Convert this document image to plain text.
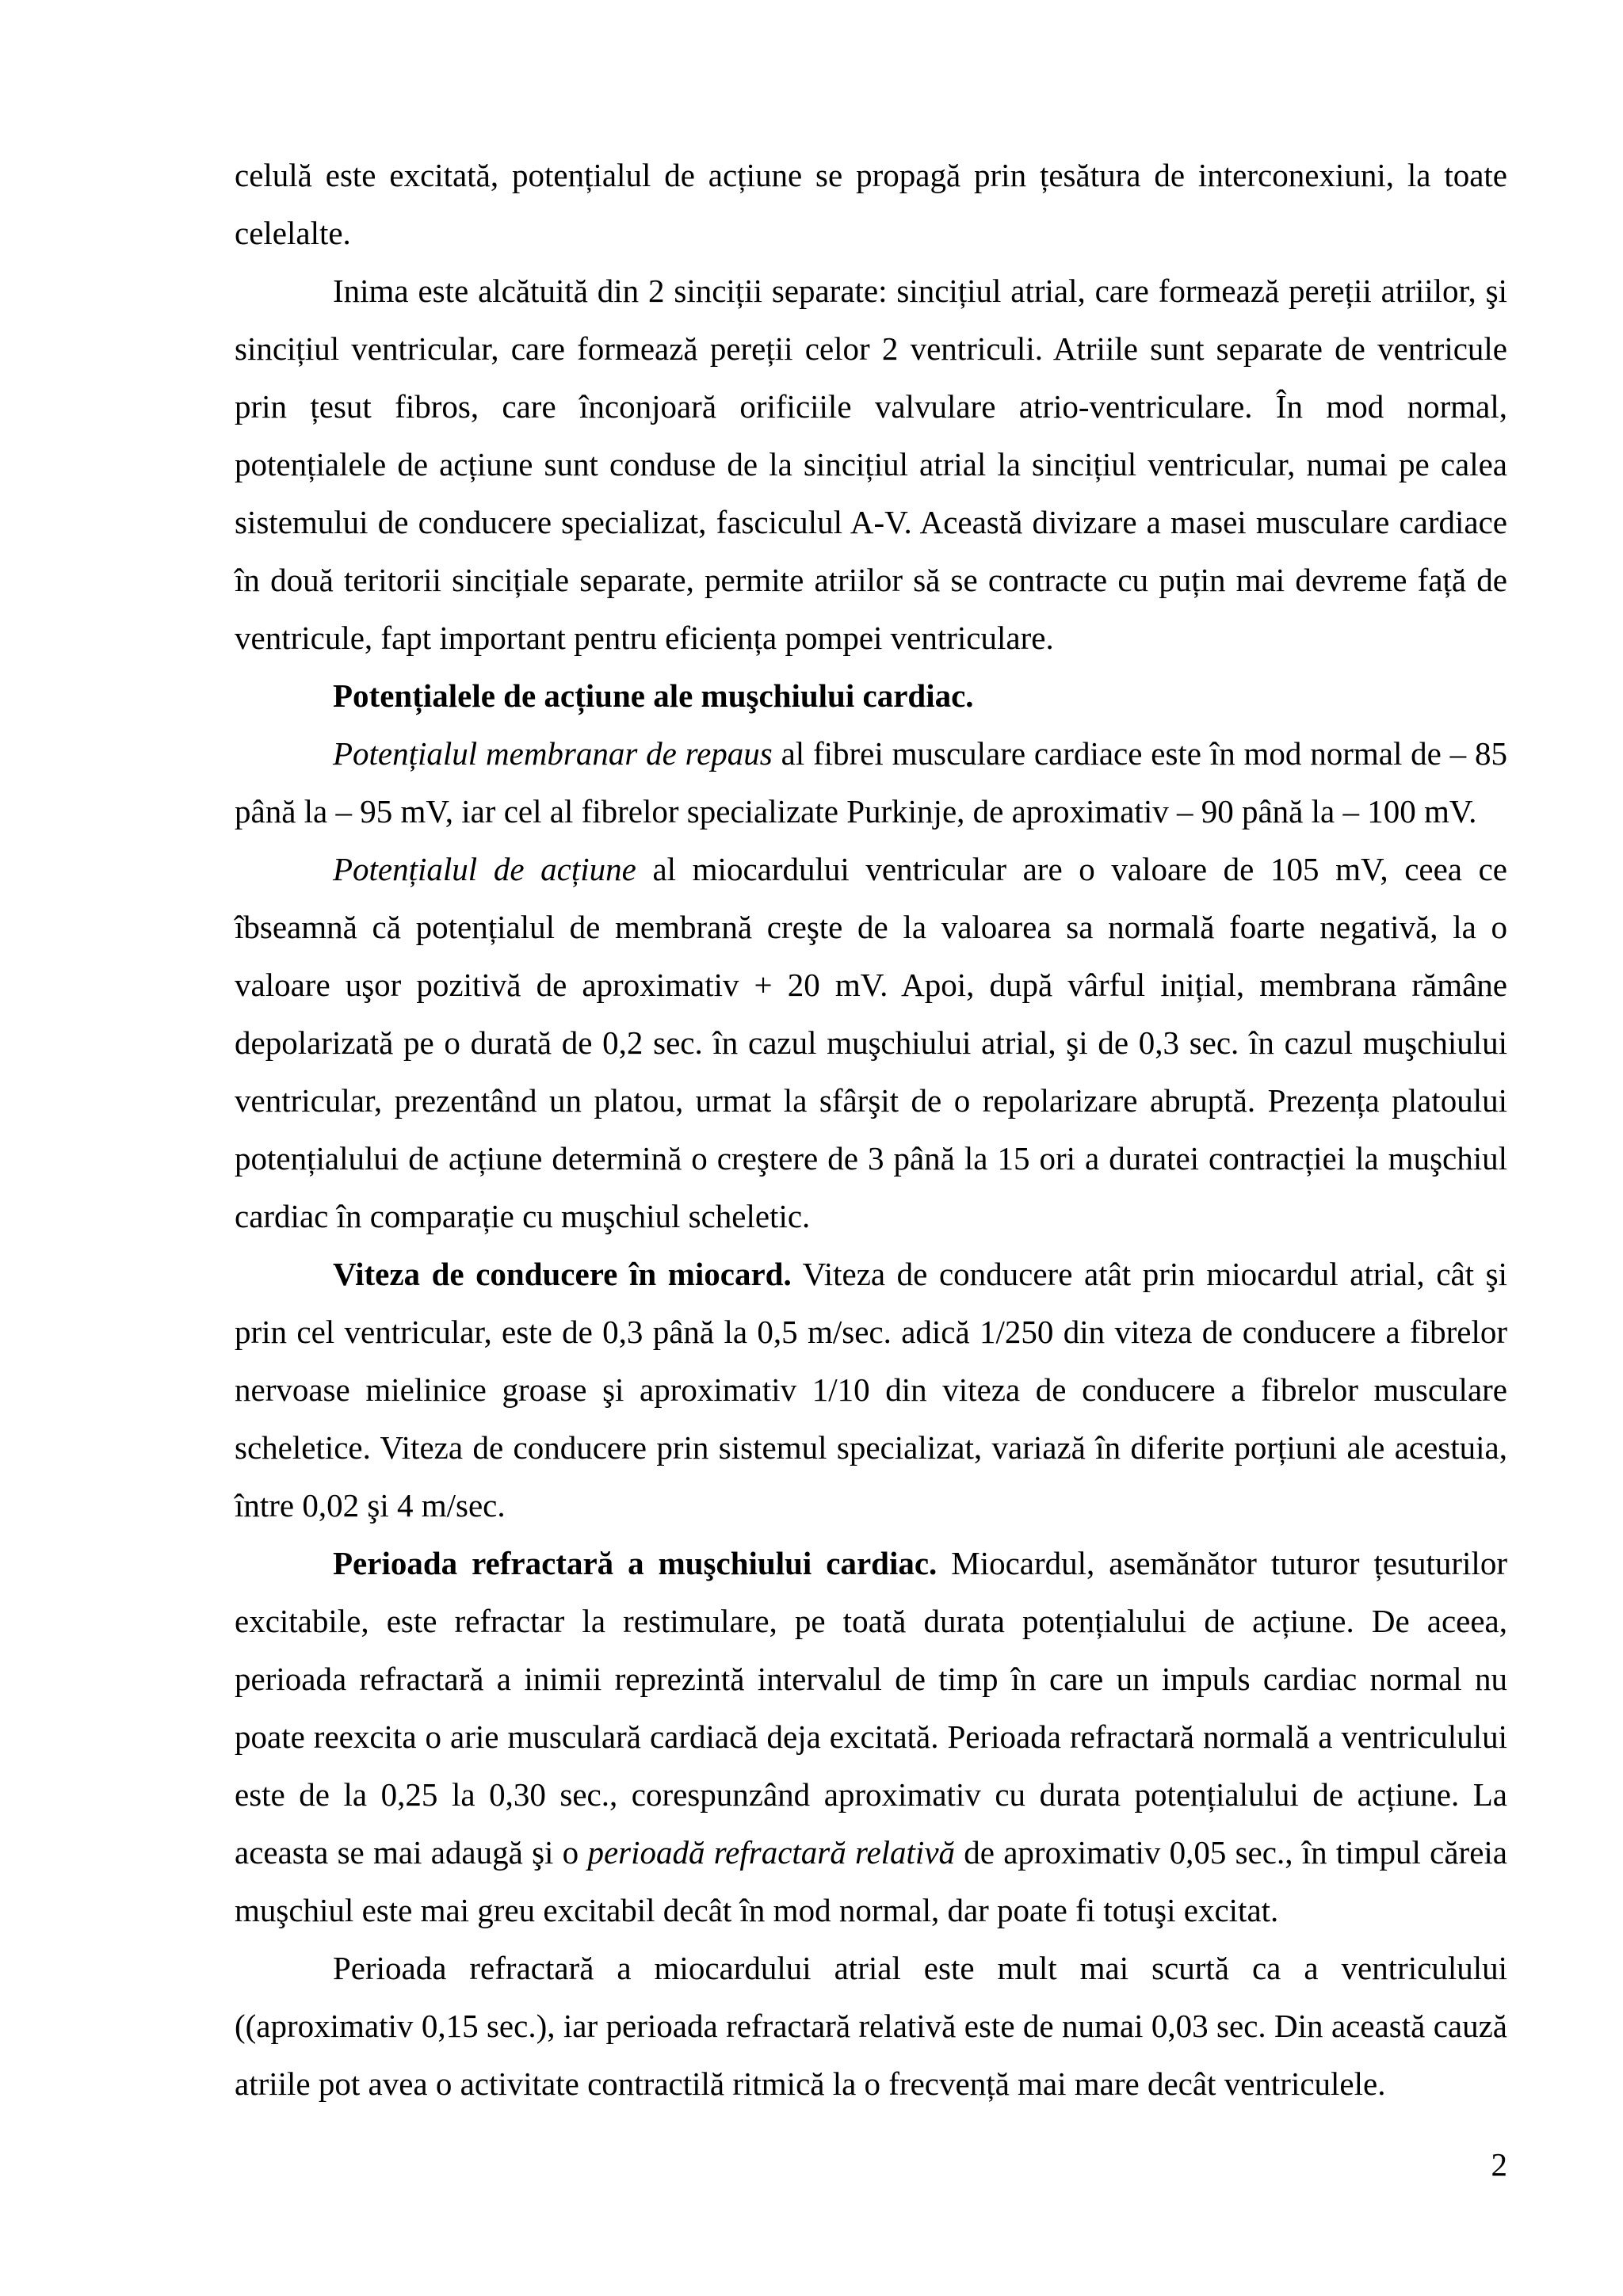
celulă este excitată, potențialul de acțiune se propagă prin țesătura de interconexiuni, la toate celelalte.

Inima este alcătuită din 2 sinciții separate: sincițiul atrial, care formează pereții atriilor, şi sincițiul ventricular, care formează pereții celor 2 ventriculi. Atriile sunt separate de ventricule prin țesut fibros, care înconjoară orificiile valvulare atrio-ventriculare. În mod normal, potențialele de acțiune sunt conduse de la sincițiul atrial la sincițiul ventricular, numai pe calea sistemului de conducere specializat, fasciculul A-V. Această divizare a masei musculare cardiace în două teritorii sincițiale separate, permite atriilor să se contracte cu puțin mai devreme față de ventricule, fapt important pentru eficiența pompei ventriculare.

Potențialele de acțiune ale muşchiului cardiac.

Potențialul membranar de repaus al fibrei musculare cardiace este în mod normal de – 85 până la – 95 mV, iar cel al fibrelor specializate Purkinje, de aproximativ – 90 până la – 100 mV.

Potențialul de acțiune al miocardului ventricular are o valoare de 105 mV, ceea ce îbseamnă că potențialul de membrană creşte de la valoarea sa normală foarte negativă, la o valoare uşor pozitivă de aproximativ + 20 mV. Apoi, după vârful inițial, membrana rămâne depolarizată pe o durată de 0,2 sec. în cazul muşchiului atrial, şi de 0,3 sec. în cazul muşchiului ventricular, prezentând un platou, urmat la sfârşit de o repolarizare abruptă. Prezența platoului potențialului de acțiune determină o creştere de 3 până la 15 ori a duratei contracției la muşchiul cardiac în comparație cu muşchiul scheletic.

Viteza de conducere în miocard. Viteza de conducere atât prin miocardul atrial, cât şi prin cel ventricular, este de 0,3 până la 0,5 m/sec. adică 1/250 din viteza de conducere a fibrelor nervoase mielinice groase şi aproximativ 1/10 din viteza de conducere a fibrelor musculare scheletice. Viteza de conducere prin sistemul specializat, variază în diferite porțiuni ale acestuia, între 0,02 şi 4 m/sec.

Perioada refractară a muşchiului cardiac. Miocardul, asemănător tuturor țesuturilor excitabile, este refractar la restimulare, pe toată durata potențialului de acțiune. De aceea, perioada refractară a inimii reprezintă intervalul de timp în care un impuls cardiac normal nu poate reexcita o arie musculară cardiacă deja excitată. Perioada refractară normală a ventriculului este de la 0,25 la 0,30 sec., corespunzând aproximativ cu durata potențialului de acțiune. La aceasta se mai adaugă şi o perioadă refractară relativă de aproximativ 0,05 sec., în timpul căreia muşchiul este mai greu excitabil decât în mod normal, dar poate fi totuşi excitat.

Perioada refractară a miocardului atrial este mult mai scurtă ca a ventriculului ((aproximativ 0,15 sec.), iar perioada refractară relativă este de numai 0,03 sec. Din această cauză atriile pot avea o activitate contractilă ritmică la o frecvență mai mare decât ventriculele.

2
